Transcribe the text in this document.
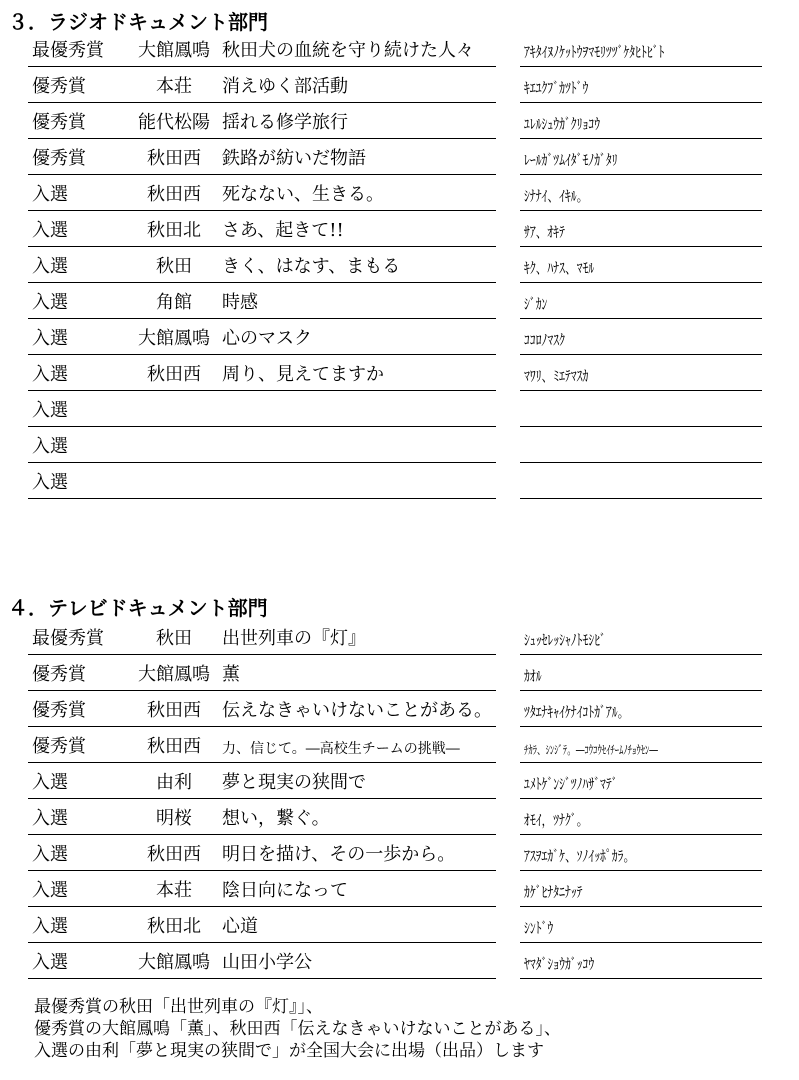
３．ラジオドキュメント部門
最優秀賞	大館鳳鳴 秋田犬の血統を守り続けた人々	ｱｷﾀｲﾇﾉｹｯﾄｳｦﾏﾓﾘﾂﾂﾞｹﾀﾋﾄﾋﾞﾄ
優秀賞	本荘	消えゆく部活動	ｷｴﾕｸﾌﾞｶﾂﾄﾞｳ
優秀賞	能代松陽 揺れる修学旅行	ﾕﾚﾙｼｭｳｶﾞｸﾘｮｺｳ
優秀賞	秋田西	鉄路が紡いだ物語	ﾚｰﾙｶﾞﾂﾑｲﾀﾞﾓﾉｶﾞﾀﾘ
入選	秋田西	死なない、生きる。	ｼﾅﾅｲ、ｲｷﾙ。
入選	秋田北	さあ、起きて!!	ｻｱ、ｵｷﾃ
入選	秋田	きく、はなす、まもる	ｷｸ、ﾊﾅｽ、ﾏﾓﾙ
入選	角館	時感	ｼﾞｶﾝ
入選	大館鳳鳴 心のマスク	ｺｺﾛﾉﾏｽｸ
入選	秋田西	周り、見えてますか	ﾏﾜﾘ、ﾐｴﾃﾏｽｶ
入選
入選
入選
４．テレビドキュメント部門
最優秀賞	秋田	出世列車の『灯』	ｼｭｯｾﾚｯｼｬﾉﾄﾓｼﾋﾞ
優秀賞	大館鳳鳴 薫	ｶｵﾙ
優秀賞	秋田西	伝えなきゃいけないことがある。 ﾂﾀｴﾅｷｬｲｹﾅｲｺﾄｶﾞｱﾙ。
優秀賞	秋田西	力、信じて。―高校生チームの挑戦―	ﾁｶﾗ、ｼﾝｼﾞﾃ。―ｺｳｺｳｾｲﾁｰﾑﾉﾁｮｳｾﾝ―
入選	由利	夢と現実の狭間で	ﾕﾒﾄｹﾞﾝｼﾞﾂﾉﾊｻﾞﾏﾃﾞ
入選	明桜	想い，繋ぐ。	ｵﾓｲ，ﾂﾅｸﾞ。
入選	秋田西	明日を描け、その一歩から。	ｱｽｦｴｶﾞｹ、ｿﾉｲｯﾎﾟｶﾗ。
入選	本荘	陰日向になって	ｶｹﾞﾋﾅﾀﾆﾅｯﾃ
入選	秋田北	心道	ｼﾝﾄﾞｳ
入選	大館鳳鳴 山田小学公	ﾔﾏﾀﾞｼｮｳｶﾞｯｺｳ
最優秀賞の秋田「出世列車の『灯』」、
優秀賞の大館鳳鳴「薫」、秋田西「伝えなきゃいけないことがある」、
入選の由利「夢と現実の狭間で」が全国大会に出場（出品）します
